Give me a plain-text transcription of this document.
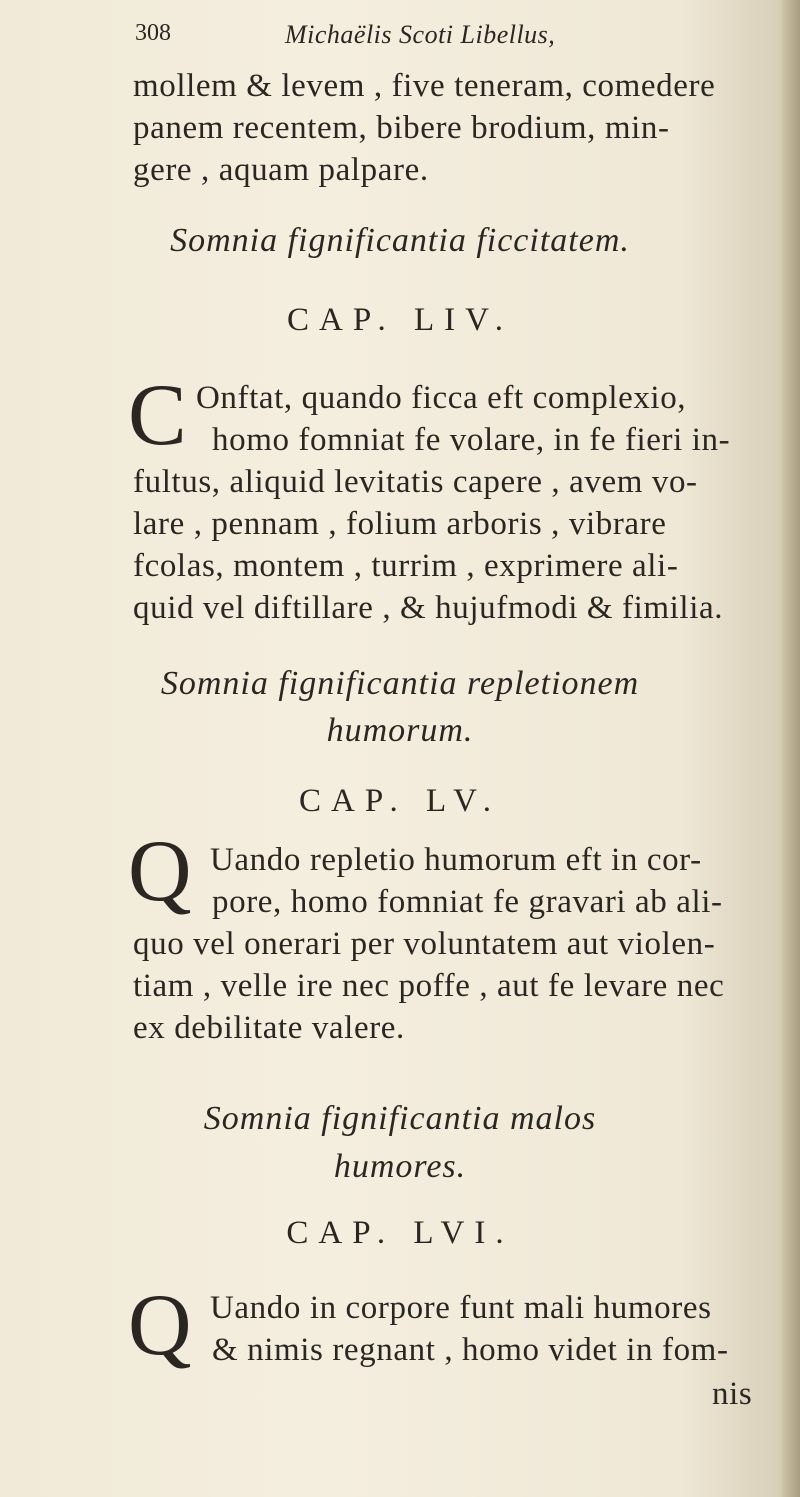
308	Michaëlis Scoti Libellus,
mollem & levem , five teneram, comedere
panem recentem, bibere brodium, min-
gere , aquam palpare.
Somnia fignificantia ficcitatem.
CAP. LIV.
C Onftat, quando ficca eft complexio,
homo fomniat fe volare, in fe fieri in-
fultus, aliquid levitatis capere , avem vo-
lare , pennam , folium arboris , vibrare
fcolas, montem , turrim , exprimere ali-
quid vel diftillare , & hujufmodi & fimilia.
Somnia fignificantia repletionem
humorum.
CAP. LV.
Q Uando repletio humorum eft in cor-
pore, homo fomniat fe gravari ab ali-
quo vel onerari per voluntatem aut violen-
tiam , velle ire nec poffe , aut fe levare nec
ex debilitate valere.
Somnia fignificantia malos
humores.
CAP. LVI.
Q Uando in corpore funt mali humores
& nimis regnant , homo videt in fom-
nis
